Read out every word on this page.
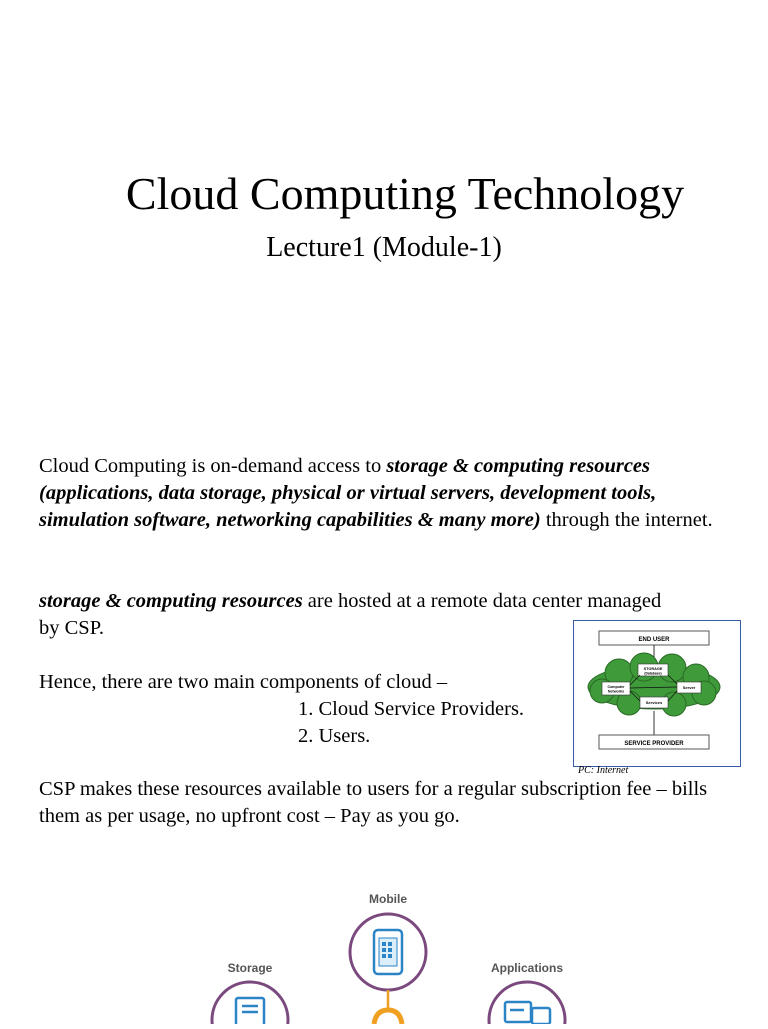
Cloud Computing Technology
Lecture1 (Module-1)
Cloud Computing is on-demand access to storage & computing resources (applications, data storage, physical or virtual servers, development tools, simulation software, networking capabilities & many more) through the internet.
storage & computing resources are hosted at a remote data center managed by CSP.
Hence, there are two main components of cloud –
1. Cloud Service Providers.
2. Users.
CSP makes these resources available to users for a regular subscription fee – bills them as per usage, no upfront cost – Pay as you go.
END USER
STORAGE
(Database)
Computer
Networks
Server
Services
SERVICE PROVIDER
PC: Internet
Mobile
Storage	Applications
